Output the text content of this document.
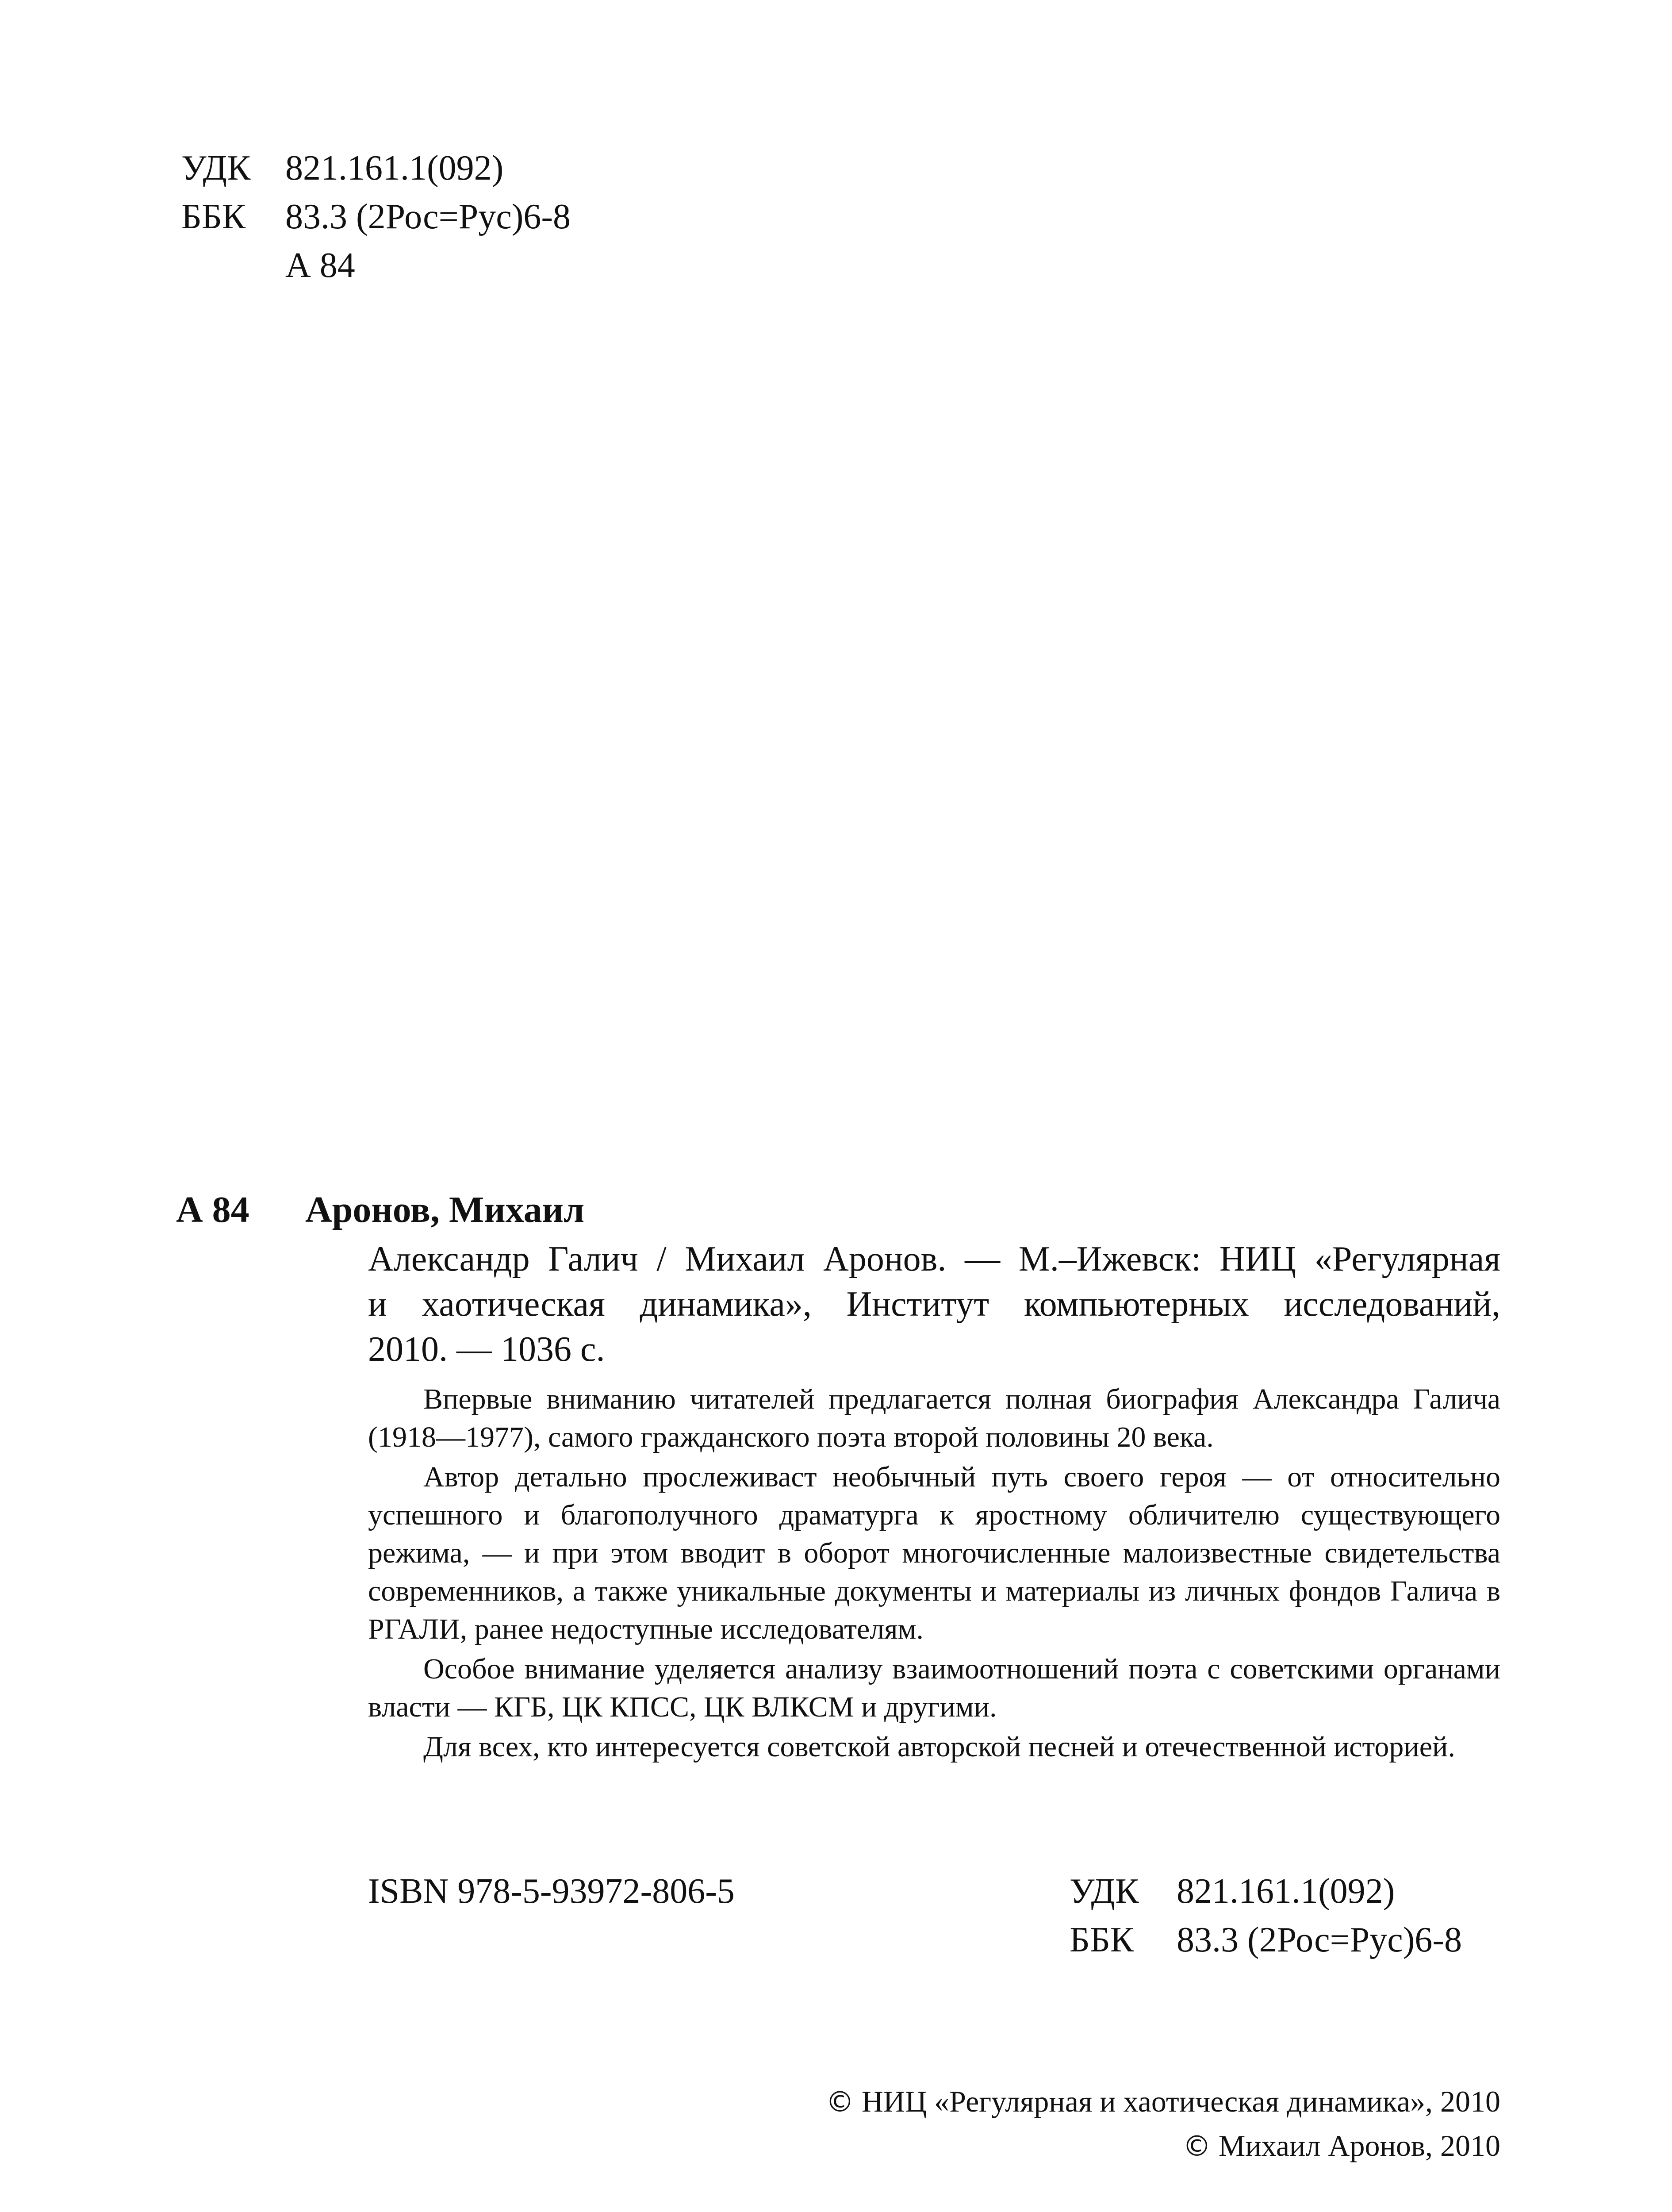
УДК 821.161.1(092)
ББК 83.3 (2Рос=Рус)6-8
А 84
А 84 Аронов, Михаил
Александр Галич / Михаил Аронов. — М.–Ижевск: НИЦ «Регулярная
и хаотическая динамика», Институт компьютерных исследований,
2010. — 1036 с.

Впервые вниманию читателей предлагается полная биография Александра Галича (1918—1977), самого гражданского поэта второй половины 20 века.

Автор детально прослеживаст необычный путь своего героя — от относительно успешного и благополучного драматурга к яростному обличителю существующего режима, — и при этом вводит в оборот многочисленные малоизвестные свидетельства современников, а также уникальные документы и материалы из личных фондов Галича в РГАЛИ, ранее недоступные исследователям.

Особое внимание уделяется анализу взаимоотношений поэта с советскими органами власти — КГБ, ЦК КПСС, ЦК ВЛКСМ и другими.

Для всех, кто интересуется советской авторской песней и отечественной историей.

ISBN 978-5-93972-806-5	УДК 821.161.1(092)
ББК 83.3 (2Рос=Рус)6-8
© НИЦ «Регулярная и хаотическая динамика», 2010
© Михаил Аронов, 2010
